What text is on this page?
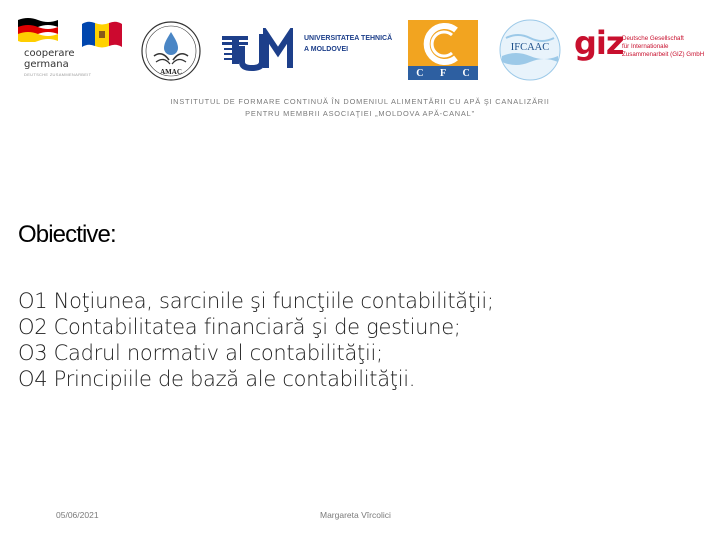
cooperare
germana
DEUTSCHE ZUSAMMENARBEIT	AMAC
UNIVERSITATEA TEHNICĂ
A MOLDOVEI
C F C
IFCAAC giz
Deutsche Gesellschaft
für Internationale
Zusammenarbeit (GIZ) GmbH
INSTITUTUL DE FORMARE CONTINUĂ ÎN DOMENIUL ALIMENTĂRII CU APĂ ŞI CANALIZĂRII
PENTRU MEMBRII ASOCIAŢIEI „MOLDOVA APĂ-CANAL”
Obiective:
O1 Noţiunea, sarcinile şi funcţiile contabilităţii;
O2 Contabilitatea financiară şi de gestiune;
O3 Cadrul normativ al contabilităţii;
O4 Principiile de bază ale contabilităţii.
05/06/2021	Margareta Vîrcolici
